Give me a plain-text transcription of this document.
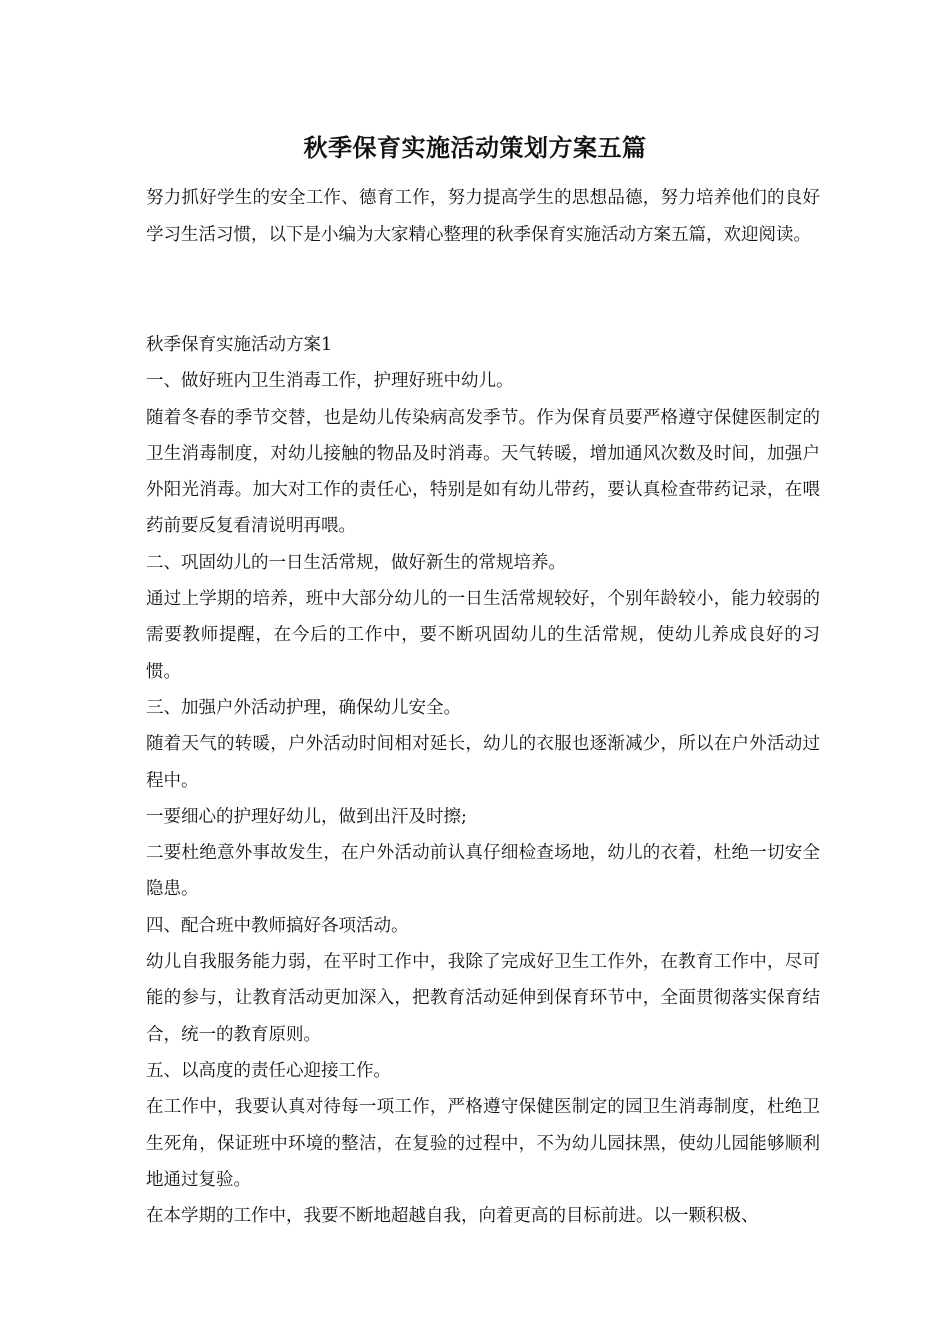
秋季保育实施活动策划方案五篇
努力抓好学生的安全工作、德育工作，努力提高学生的思想品德，努力培养他们的良好学习生活习惯，以下是小编为大家精心整理的秋季保育实施活动方案五篇，欢迎阅读。

秋季保育实施活动方案1

一、做好班内卫生消毒工作，护理好班中幼儿。

随着冬春的季节交替，也是幼儿传染病高发季节。作为保育员要严格遵守保健医制定的卫生消毒制度，对幼儿接触的物品及时消毒。天气转暖，增加通风次数及时间，加强户外阳光消毒。加大对工作的责任心，特别是如有幼儿带药，要认真检查带药记录，在喂药前要反复看清说明再喂。

二、巩固幼儿的一日生活常规，做好新生的常规培养。

通过上学期的培养，班中大部分幼儿的一日生活常规较好，个别年龄较小，能力较弱的需要教师提醒，在今后的工作中，要不断巩固幼儿的生活常规，使幼儿养成良好的习惯。

三、加强户外活动护理，确保幼儿安全。

随着天气的转暖，户外活动时间相对延长，幼儿的衣服也逐渐减少，所以在户外活动过程中。

一要细心的护理好幼儿，做到出汗及时擦;

二要杜绝意外事故发生，在户外活动前认真仔细检查场地，幼儿的衣着，杜绝一切安全隐患。

四、配合班中教师搞好各项活动。

幼儿自我服务能力弱，在平时工作中，我除了完成好卫生工作外，在教育工作中，尽可能的参与，让教育活动更加深入，把教育活动延伸到保育环节中，全面贯彻落实保育结合，统一的教育原则。

五、以高度的责任心迎接工作。

在工作中，我要认真对待每一项工作，严格遵守保健医制定的园卫生消毒制度，杜绝卫生死角，保证班中环境的整洁，在复验的过程中，不为幼儿园抹黑，使幼儿园能够顺利地通过复验。

在本学期的工作中，我要不断地超越自我，向着更高的目标前进。以一颗积极、
